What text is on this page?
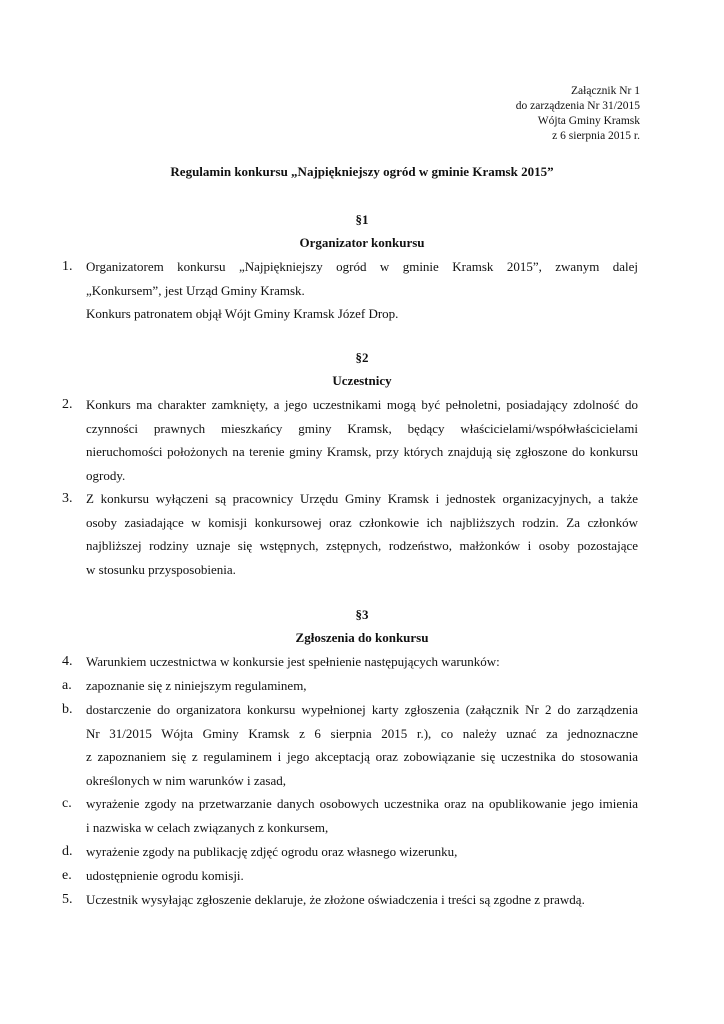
Załącznik Nr 1
do zarządzenia Nr 31/2015
Wójta Gminy Kramsk
z 6 sierpnia 2015 r.
Regulamin konkursu „Najpiękniejszy ogród w gminie Kramsk 2015”
§1
Organizator konkursu
1.	Organizatorem konkursu „Najpiękniejszy ogród w gminie Kramsk 2015”, zwanym dalej
„Konkursem”, jest Urząd Gminy Kramsk.
Konkurs patronatem objął Wójt Gminy Kramsk Józef Drop.
§2
Uczestnicy
2.	Konkurs ma charakter zamknięty, a jego uczestnikami mogą być pełnoletni, posiadający zdolność do
czynności prawnych mieszkańcy gminy Kramsk, będący właścicielami/współwłaścicielami
nieruchomości położonych na terenie gminy Kramsk, przy których znajdują się zgłoszone do konkursu
ogrody.
3.	Z konkursu wyłączeni są pracownicy Urzędu Gminy Kramsk i jednostek organizacyjnych, a także
osoby zasiadające w komisji konkursowej oraz członkowie ich najbliższych rodzin. Za członków
najbliższej rodziny uznaje się wstępnych, zstępnych, rodzeństwo, małżonków i osoby pozostające
w stosunku przysposobienia.
§3
Zgłoszenia do konkursu
4.	Warunkiem uczestnictwa w konkursie jest spełnienie następujących warunków:
a.	zapoznanie się z niniejszym regulaminem,
b.	dostarczenie do organizatora konkursu wypełnionej karty zgłoszenia (załącznik Nr 2 do zarządzenia
Nr 31/2015 Wójta Gminy Kramsk z 6 sierpnia 2015 r.), co należy uznać za jednoznaczne
z zapoznaniem się z regulaminem i jego akceptacją oraz zobowiązanie się uczestnika do stosowania
określonych w nim warunków i zasad,
c.	wyrażenie zgody na przetwarzanie danych osobowych uczestnika oraz na opublikowanie jego imienia
i nazwiska w celach związanych z konkursem,
d.	wyrażenie zgody na publikację zdjęć ogrodu oraz własnego wizerunku,
e.	udostępnienie ogrodu komisji.
5.	Uczestnik wysyłając zgłoszenie deklaruje, że złożone oświadczenia i treści są zgodne z prawdą.
